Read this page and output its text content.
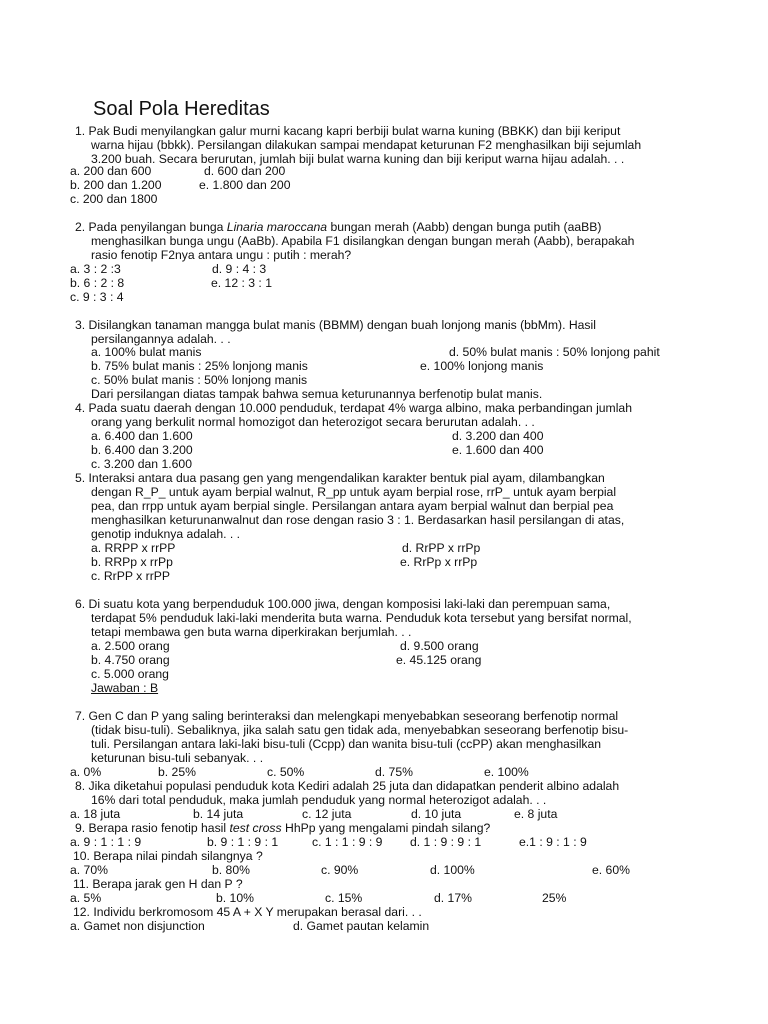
Soal Pola Hereditas
1. Pak Budi menyilangkan galur murni kacang kapri berbiji bulat warna kuning (BBKK) dan biji keriput
warna hijau (bbkk). Persilangan dilakukan sampai mendapat keturunan F2 menghasilkan biji sejumlah
3.200 buah. Secara berurutan, jumlah biji bulat warna kuning dan biji keriput warna hijau adalah. . .
a. 200 dan 600	d. 600 dan 200
b. 200 dan 1.200	e. 1.800 dan 200
c. 200 dan 1800
2. Pada penyilangan bunga Linaria maroccana bungan merah (Aabb) dengan bunga putih (aaBB)
menghasilkan bunga ungu (AaBb). Apabila F1 disilangkan dengan bungan merah (Aabb), berapakah
rasio fenotip F2nya antara ungu : putih : merah?
a. 3 : 2 :3	d. 9 : 4 : 3
b. 6 : 2 : 8	e. 12 : 3 : 1
c. 9 : 3 : 4
3. Disilangkan tanaman mangga bulat manis (BBMM) dengan buah lonjong manis (bbMm). Hasil
persilangannya adalah. . .
a. 100% bulat manis	d. 50% bulat manis : 50% lonjong pahit
b. 75% bulat manis : 25% lonjong manis	e. 100% lonjong manis
c. 50% bulat manis : 50% lonjong manis
Dari persilangan diatas tampak bahwa semua keturunannya berfenotip bulat manis.
4. Pada suatu daerah dengan 10.000 penduduk, terdapat 4% warga albino, maka perbandingan jumlah
orang yang berkulit normal homozigot dan heterozigot secara berurutan adalah. . .
a. 6.400 dan 1.600	d. 3.200 dan 400
b. 6.400 dan 3.200	e. 1.600 dan 400
c. 3.200 dan 1.600
5. Interaksi antara dua pasang gen yang mengendalikan karakter bentuk pial ayam, dilambangkan
dengan R_P_ untuk ayam berpial walnut, R_pp untuk ayam berpial rose, rrP_ untuk ayam berpial
pea, dan rrpp untuk ayam berpial single. Persilangan antara ayam berpial walnut dan berpial pea
menghasilkan keturunanwalnut dan rose dengan rasio 3 : 1. Berdasarkan hasil persilangan di atas,
genotip induknya adalah. . .
a. RRPP x rrPP	d. RrPP x rrPp
b. RRPp x rrPp	e. RrPp x rrPp
c. RrPP x rrPP
6. Di suatu kota yang berpenduduk 100.000 jiwa, dengan komposisi laki-laki dan perempuan sama,
terdapat 5% penduduk laki-laki menderita buta warna. Penduduk kota tersebut yang bersifat normal,
tetapi membawa gen buta warna diperkirakan berjumlah. . .
a. 2.500 orang	d. 9.500 orang
b. 4.750 orang	e. 45.125 orang
c. 5.000 orang
Jawaban : B
7. Gen C dan P yang saling berinteraksi dan melengkapi menyebabkan seseorang berfenotip normal
(tidak bisu-tuli). Sebaliknya, jika salah satu gen tidak ada, menyebabkan seseorang berfenotip bisu-
tuli. Persilangan antara laki-laki bisu-tuli (Ccpp) dan wanita bisu-tuli (ccPP) akan menghasilkan
keturunan bisu-tuli sebanyak. . .
a. 0%	b. 25%	c. 50%	d. 75%	e. 100%
8. Jika diketahui populasi penduduk kota Kediri adalah 25 juta dan didapatkan penderit albino adalah
16% dari total penduduk, maka jumlah penduduk yang normal heterozigot adalah. . .
a. 18 juta	b. 14 juta	c. 12 juta	d. 10 juta	e. 8 juta
9. Berapa rasio fenotip hasil test cross HhPp yang mengalami pindah silang?
a. 9 : 1 : 1 : 9	b. 9 : 1 : 9 : 1	c. 1 : 1 : 9 : 9 d. 1 : 9 : 9 : 1	e.1 : 9 : 1 : 9
10. Berapa nilai pindah silangnya ?
a. 70%	b. 80%	c. 90%	d. 100%	e. 60%
11. Berapa jarak gen H dan P ?
a. 5%	b. 10%	c. 15%	d. 17%	25%
12. Individu berkromosom 45 A + X Y merupakan berasal dari. . .
a. Gamet non disjunction	d. Gamet pautan kelamin
